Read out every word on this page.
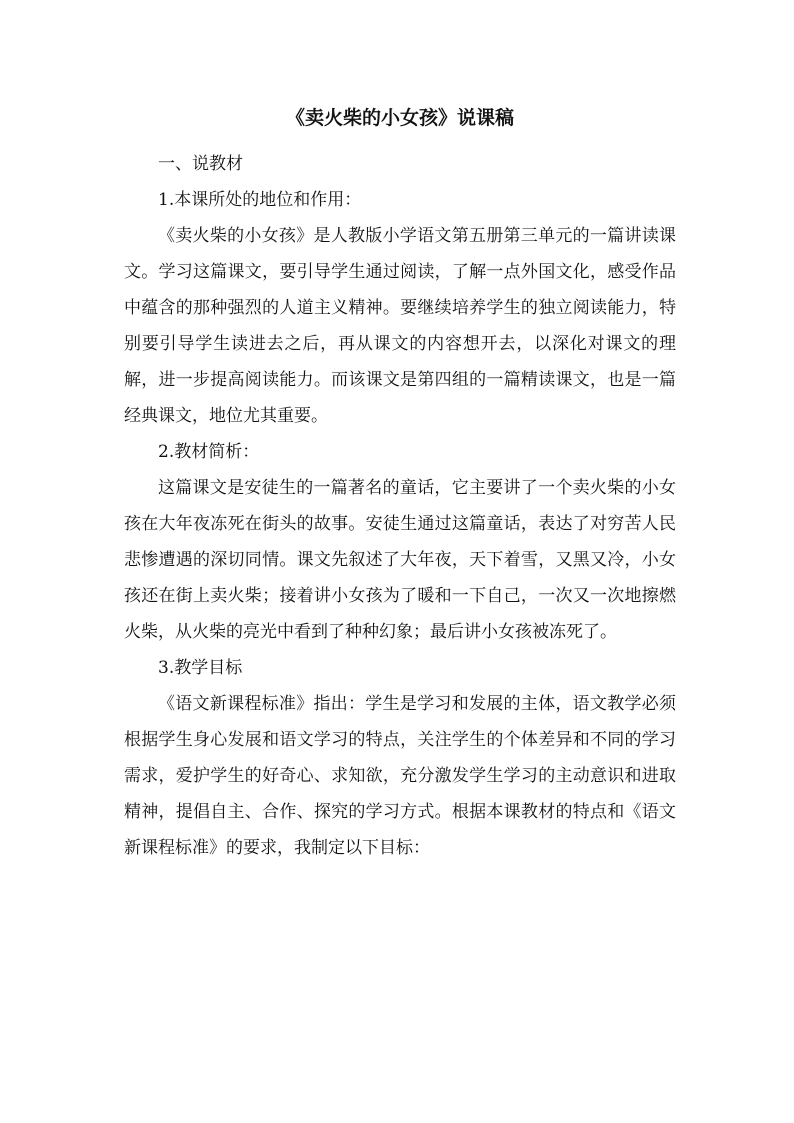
《卖火柴的小女孩》说课稿

一、说教材

1.本课所处的地位和作用：

《卖火柴的小女孩》是人教版小学语文第五册第三单元的一篇讲读课文。学习这篇课文，要引导学生通过阅读，了解一点外国文化，感受作品中蕴含的那种强烈的人道主义精神。要继续培养学生的独立阅读能力，特别要引导学生读进去之后，再从课文的内容想开去，以深化对课文的理解，进一步提高阅读能力。而该课文是第四组的一篇精读课文，也是一篇经典课文，地位尤其重要。

2.教材简析：

这篇课文是安徒生的一篇著名的童话，它主要讲了一个卖火柴的小女孩在大年夜冻死在街头的故事。安徒生通过这篇童话，表达了对穷苦人民悲惨遭遇的深切同情。课文先叙述了大年夜，天下着雪，又黑又冷，小女孩还在街上卖火柴；接着讲小女孩为了暖和一下自己，一次又一次地擦燃火柴，从火柴的亮光中看到了种种幻象；最后讲小女孩被冻死了。

3.教学目标

《语文新课程标准》指出：学生是学习和发展的主体，语文教学必须根据学生身心发展和语文学习的特点，关注学生的个体差异和不同的学习需求，爱护学生的好奇心、求知欲，充分激发学生学习的主动意识和进取精神，提倡自主、合作、探究的学习方式。根据本课教材的特点和《语文新课程标准》的要求，我制定以下目标：
